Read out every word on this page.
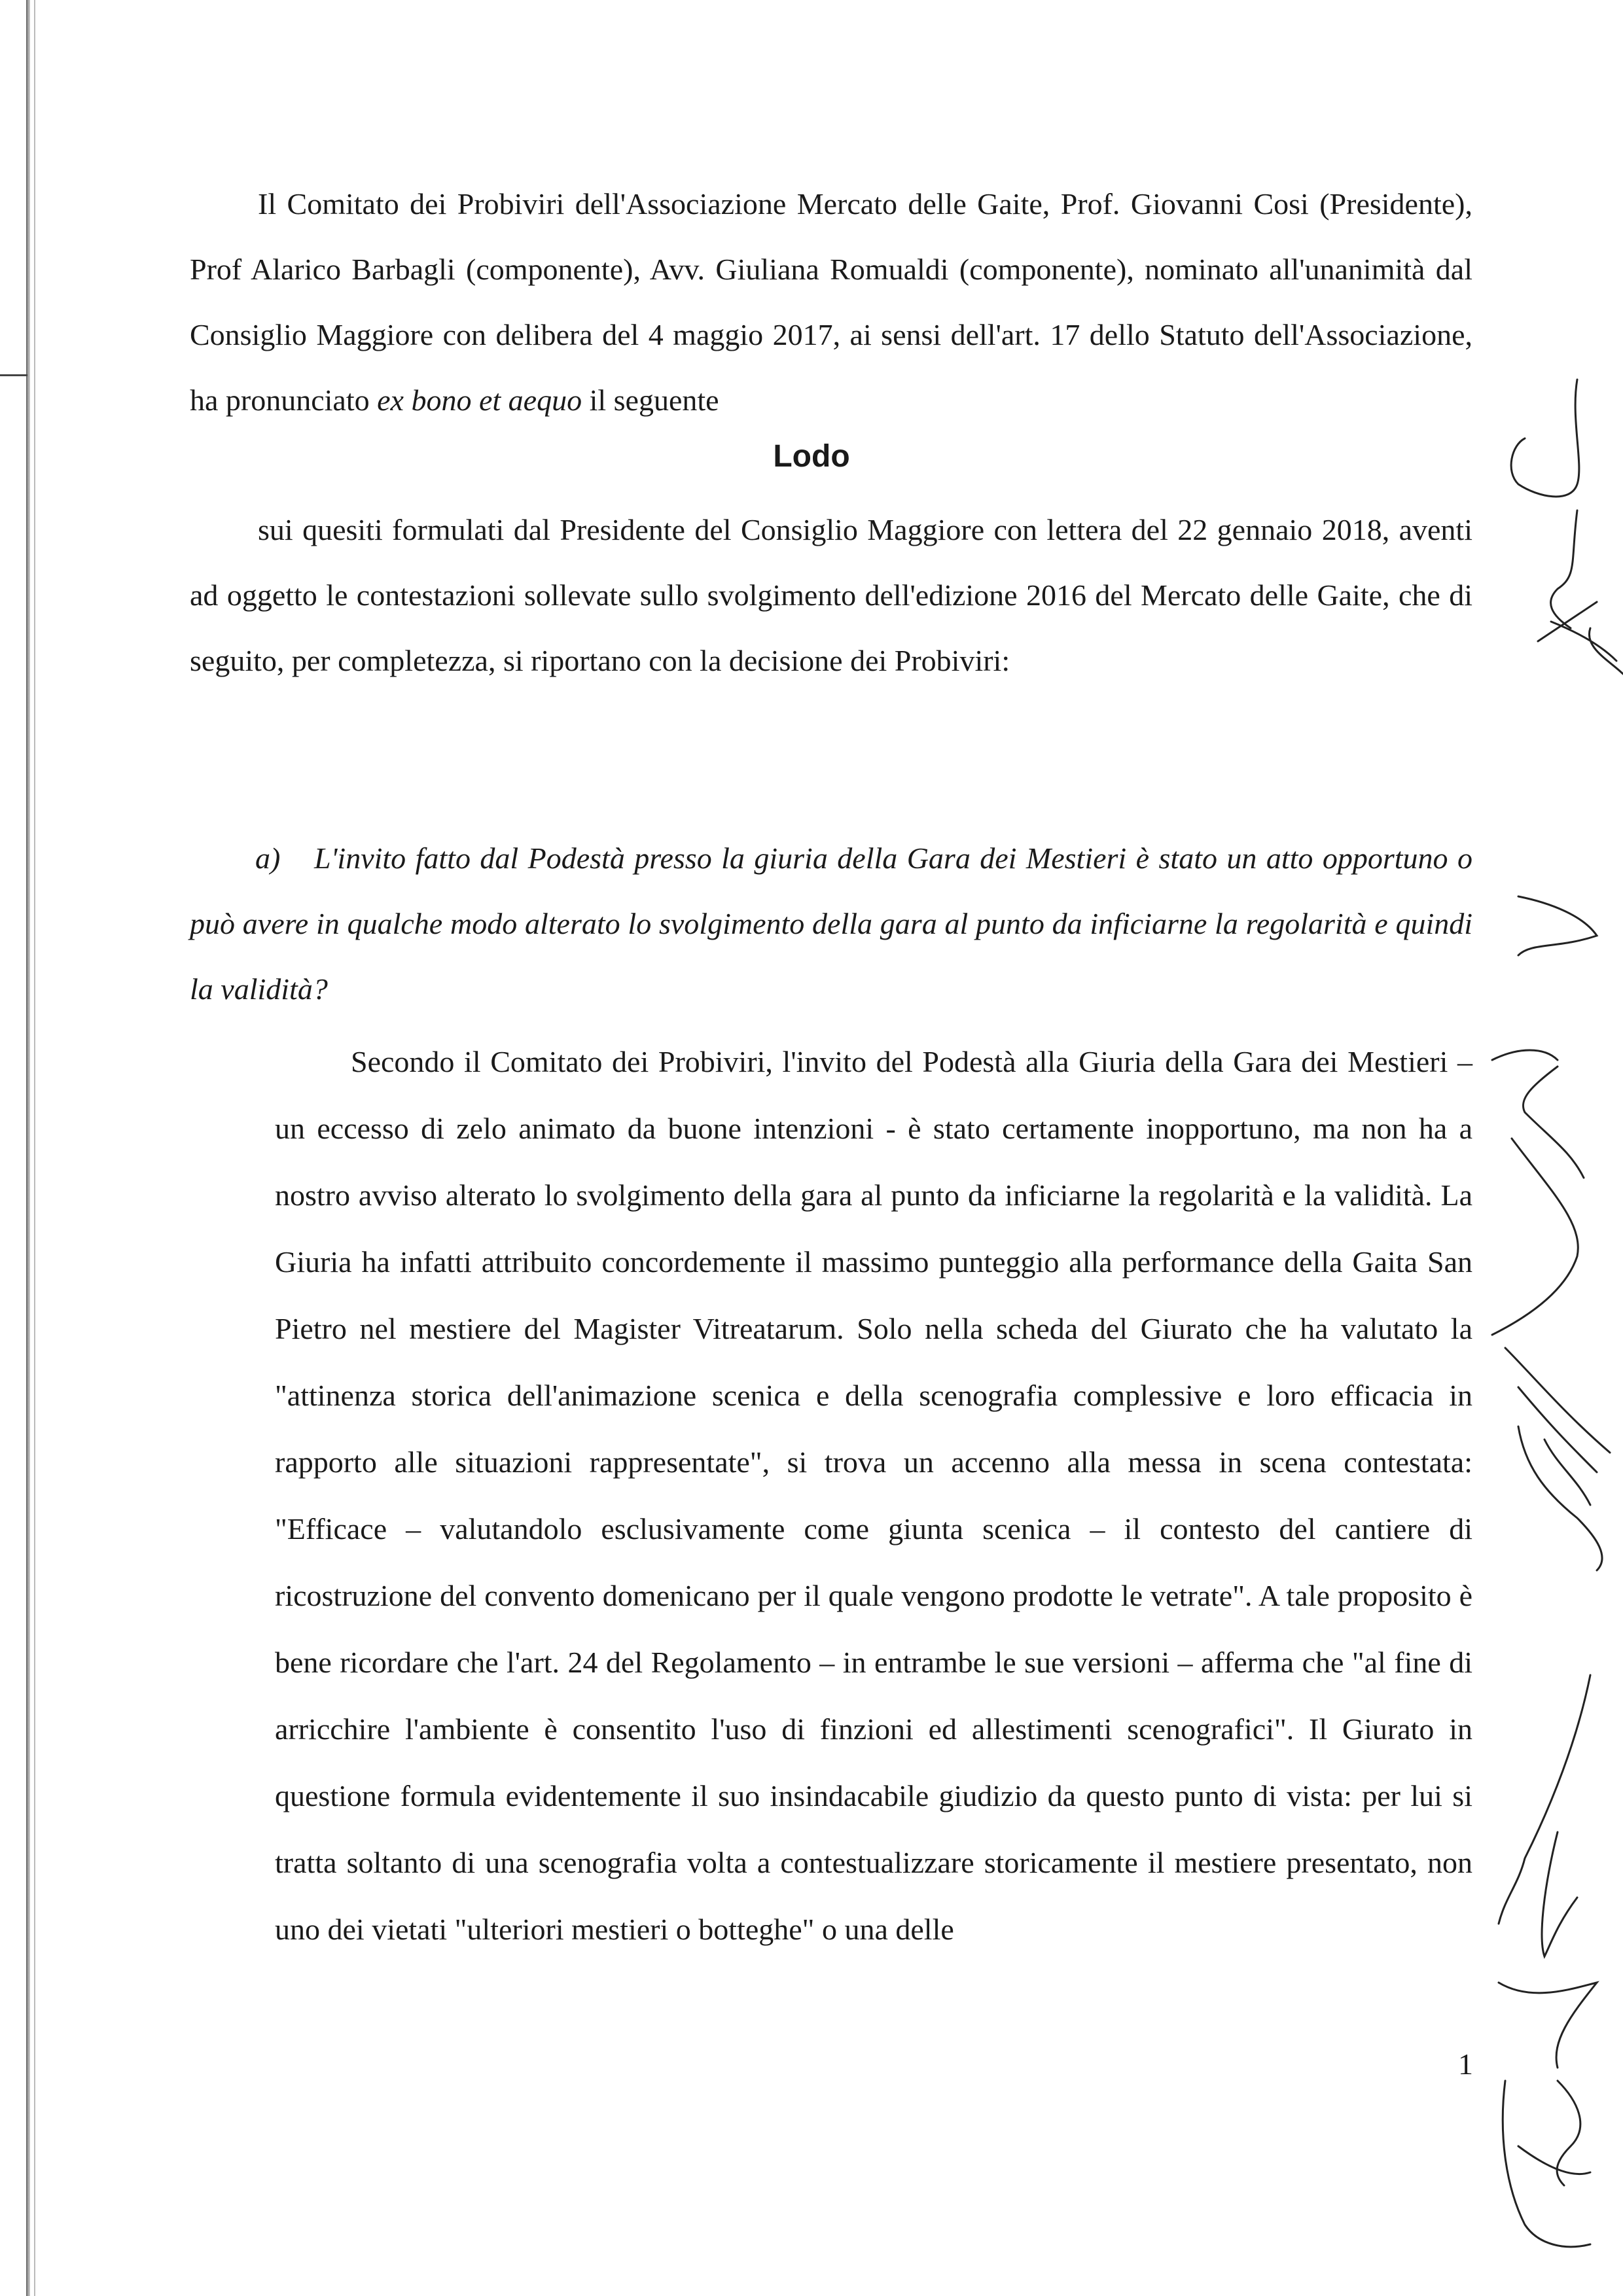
Il Comitato dei Probiviri dell'Associazione Mercato delle Gaite, Prof. Giovanni Cosi (Presidente), Prof Alarico Barbagli (componente), Avv. Giuliana Romualdi (componente), nominato all'unanimità dal Consiglio Maggiore con delibera del 4 maggio 2017, ai sensi dell'art. 17 dello Statuto dell'Associazione, ha pronunciato ex bono et aequo il seguente

Lodo

sui quesiti formulati dal Presidente del Consiglio Maggiore con lettera del 22 gennaio 2018, aventi ad oggetto le contestazioni sollevate sullo svolgimento dell'edizione 2016 del Mercato delle Gaite, che di seguito, per completezza, si riportano con la decisione dei Probiviri:

a) L'invito fatto dal Podestà presso la giuria della Gara dei Mestieri è stato un atto opportuno o può avere in qualche modo alterato lo svolgimento della gara al punto da inficiarne la regolarità e quindi la validità?

Secondo il Comitato dei Probiviri, l'invito del Podestà alla Giuria della Gara dei Mestieri – un eccesso di zelo animato da buone intenzioni - è stato certamente inopportuno, ma non ha a nostro avviso alterato lo svolgimento della gara al punto da inficiarne la regolarità e la validità. La Giuria ha infatti attribuito concordemente il massimo punteggio alla performance della Gaita San Pietro nel mestiere del Magister Vitreatarum. Solo nella scheda del Giurato che ha valutato la "attinenza storica dell'animazione scenica e della scenografia complessive e loro efficacia in rapporto alle situazioni rappresentate", si trova un accenno alla messa in scena contestata: "Efficace – valutandolo esclusivamente come giunta scenica – il contesto del cantiere di ricostruzione del convento domenicano per il quale vengono prodotte le vetrate". A tale proposito è bene ricordare che l'art. 24 del Regolamento – in entrambe le sue versioni – afferma che "al fine di arricchire l'ambiente è consentito l'uso di finzioni ed allestimenti scenografici". Il Giurato in questione formula evidentemente il suo insindacabile giudizio da questo punto di vista: per lui si tratta soltanto di una scenografia volta a contestualizzare storicamente il mestiere presentato, non uno dei vietati "ulteriori mestieri o botteghe" o una delle

1
